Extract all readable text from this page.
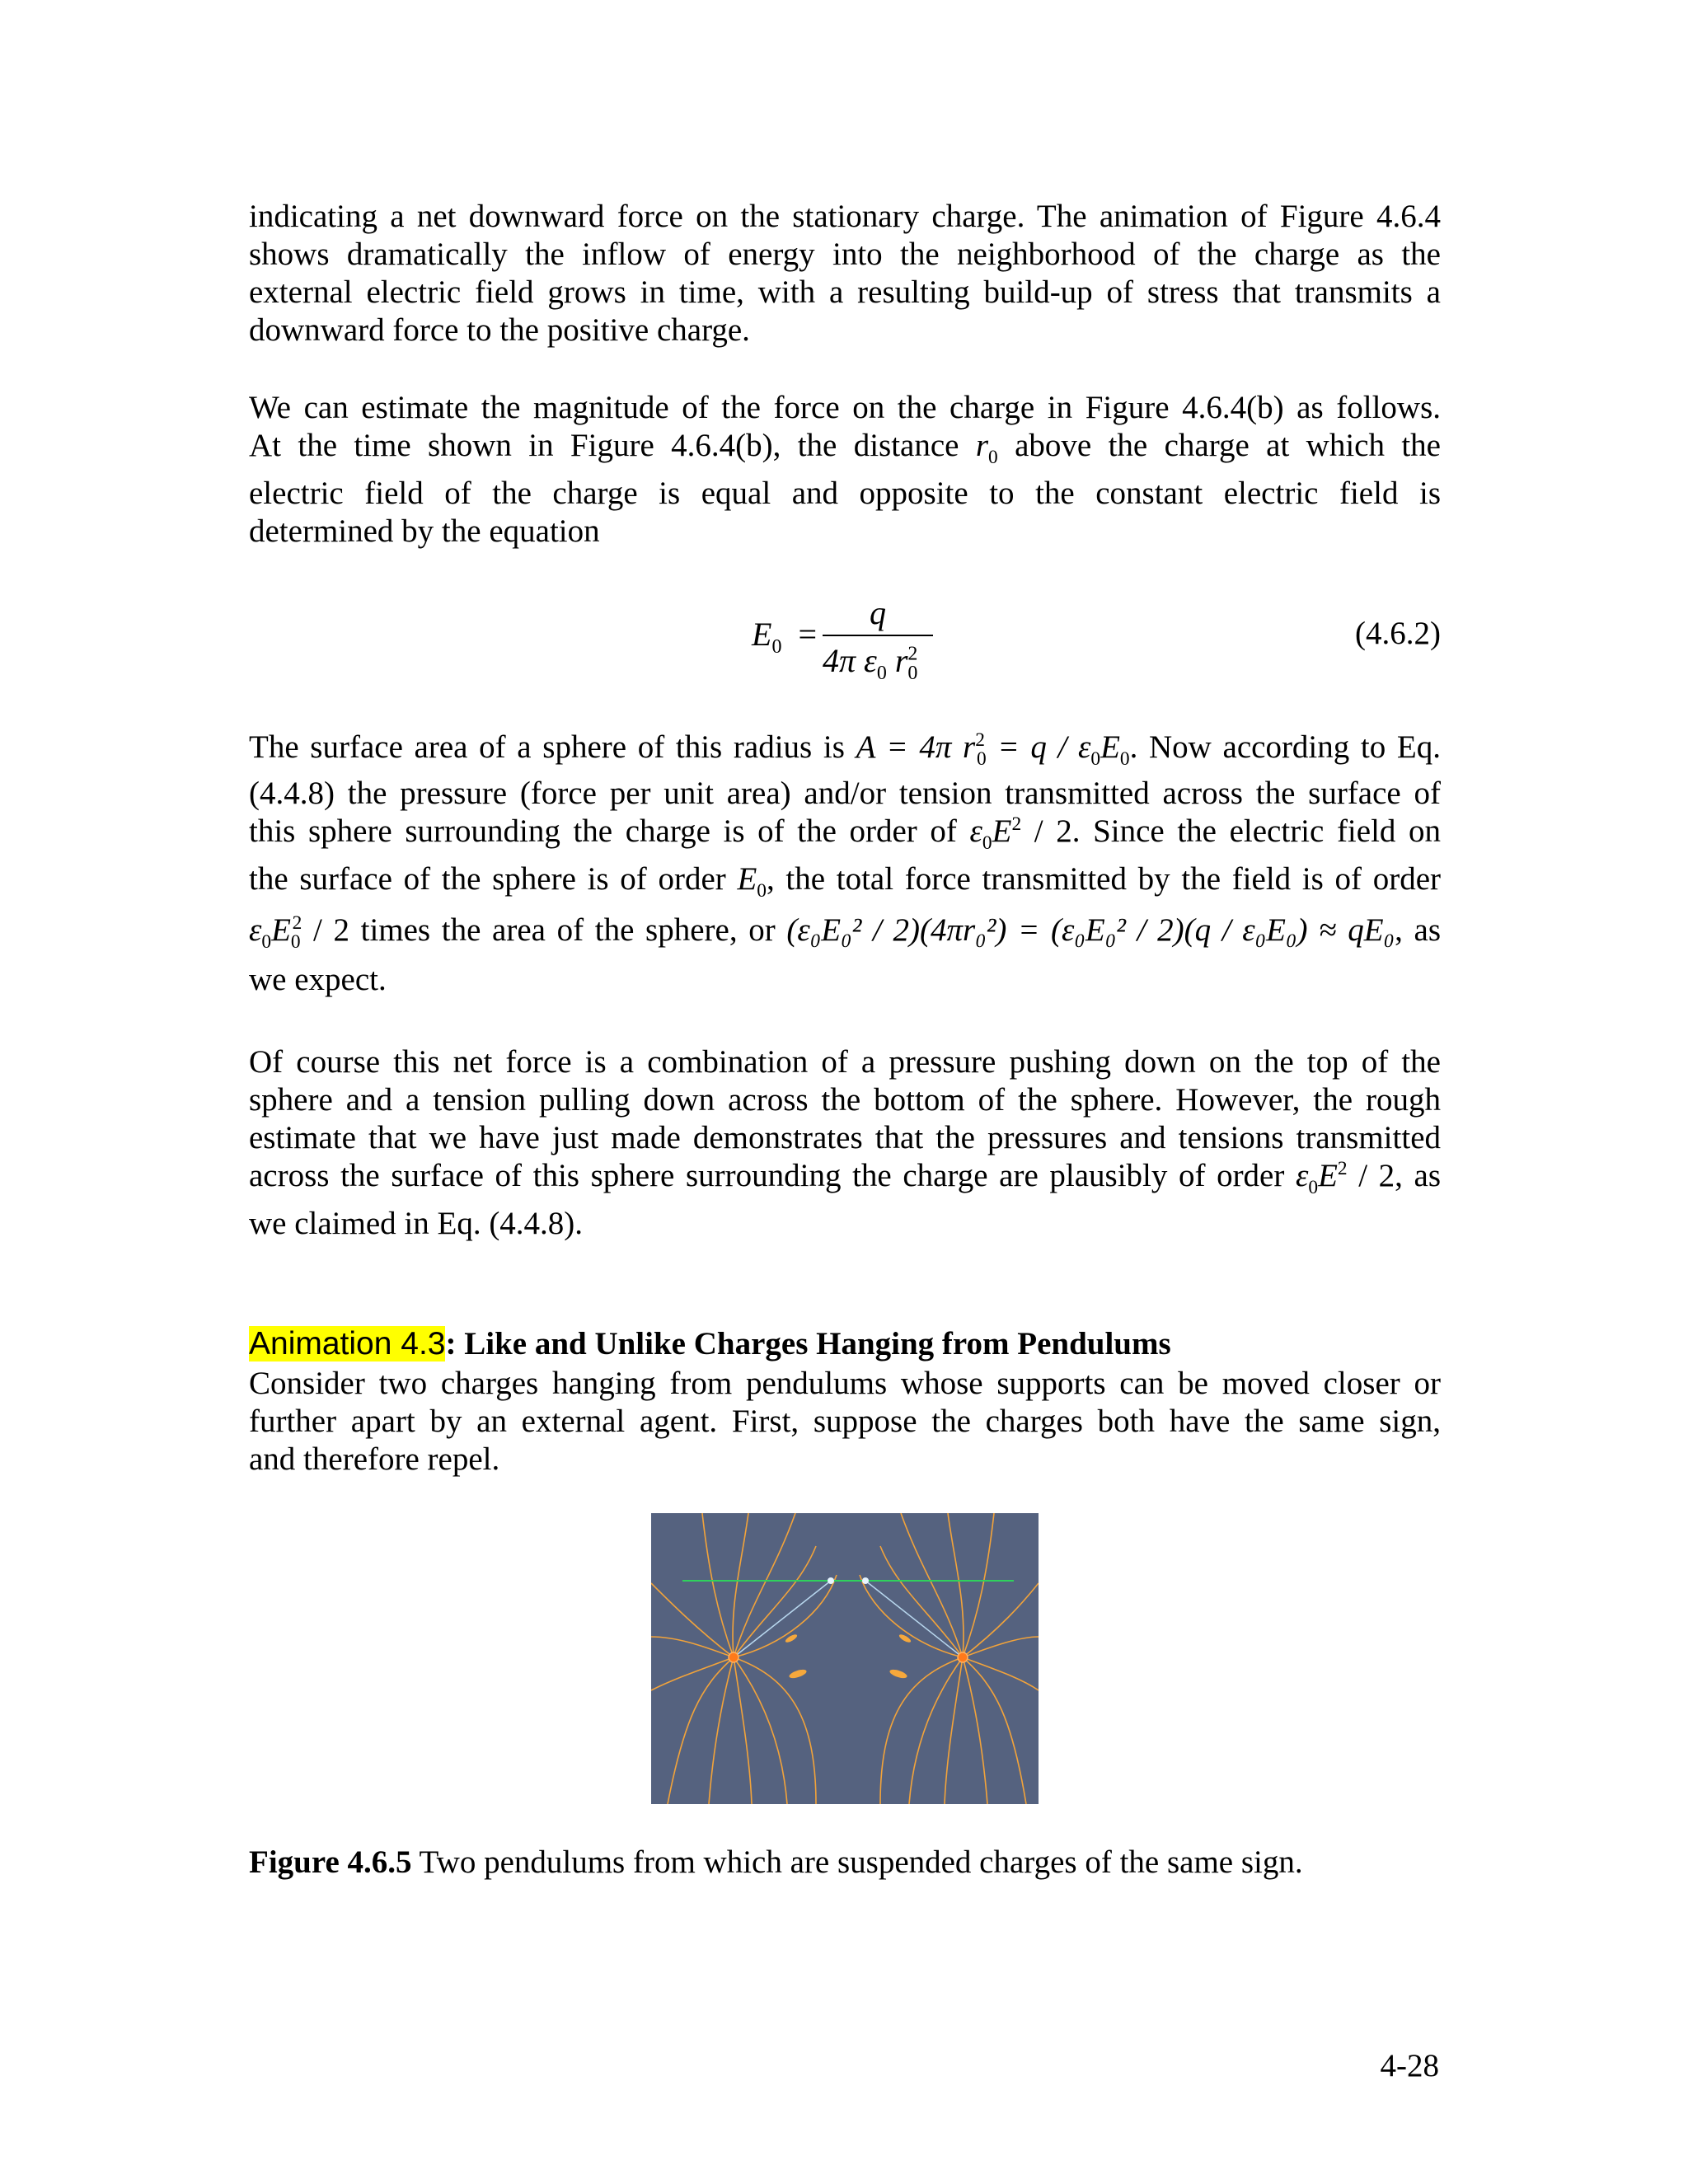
indicating a net downward force on the stationary charge. The animation of Figure 4.6.4
shows dramatically the inflow of energy into the neighborhood of the charge as the
external electric field grows in time, with a resulting build-up of stress that transmits a
downward force to the positive charge.
We can estimate the magnitude of the force on the charge in Figure 4.6.4(b) as follows.
At the time shown in Figure 4.6.4(b), the distance $r_0$ above the charge at which the
electric field of the charge is equal and opposite to the constant electric field is
determined by the equation
$E_0$ =
q
4π $\varepsilon_0$ $r^2_0$
(4.6.2)
The surface area of a sphere of this radius is A = 4π $r^2_0 = q / \varepsilon_0E_0$. Now according to Eq.
(4.4.8) the pressure (force per unit area) and/or tension transmitted across the surface of
this sphere surrounding the charge is of the order of $\varepsilon_0E^2 / 2$. Since the electric field on
the surface of the sphere is of order $E_0$, the total force transmitted by the field is of order
$\varepsilon_0E_0^2 / 2$ times the area of the sphere, or (ε₀E₀² / 2)(4πr₀²) = (ε₀E₀² / 2)(q / ε₀E₀) ≈ qE₀, as
we expect.
Of course this net force is a combination of a pressure pushing down on the top of the
sphere and a tension pulling down across the bottom of the sphere. However, the rough
estimate that we have just made demonstrates that the pressures and tensions transmitted
across the surface of this sphere surrounding the charge are plausibly of order $\varepsilon_0E^2 / 2$, as
we claimed in Eq. (4.4.8).
Animation 4.3: Like and Unlike Charges Hanging from Pendulums
Consider two charges hanging from pendulums whose supports can be moved closer or
further apart by an external agent. First, suppose the charges both have the same sign,
and therefore repel.
Figure 4.6.5 Two pendulums from which are suspended charges of the same sign.
4-28
